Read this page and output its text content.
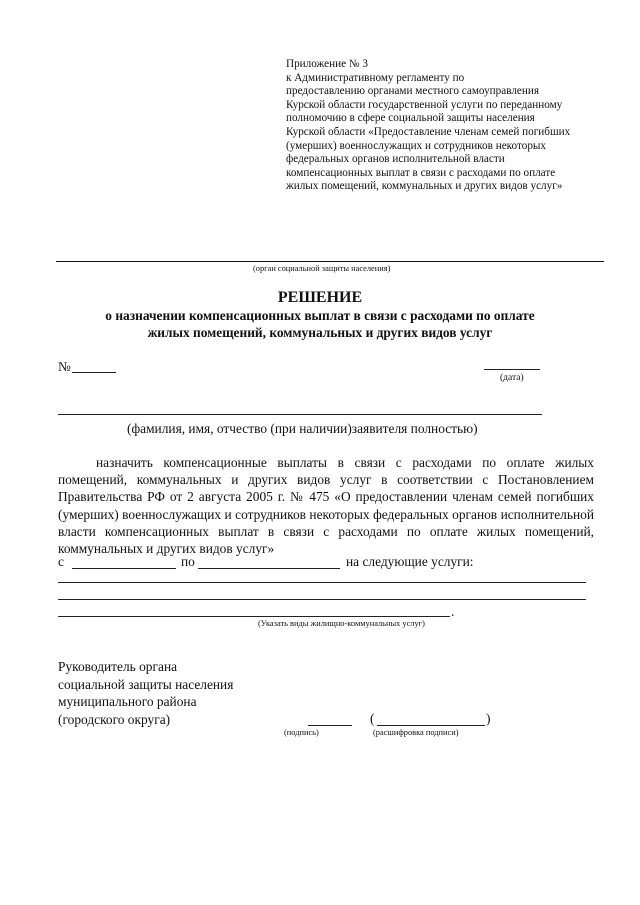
Приложение № 3
к Административному регламенту по
предоставлению органами местного самоуправления
Курской области государственной услуги по переданному
полномочию в сфере социальной защиты населения
Курской области «Предоставление членам семей погибших
(умерших) военнослужащих и сотрудников некоторых
федеральных органов исполнительной власти
компенсационных выплат в связи с расходами по оплате
жилых помещений, коммунальных и других видов услуг»
(орган социальной защиты населения)
РЕШЕНИЕ
о назначении компенсационных выплат в связи с расходами по оплате
жилых помещений, коммунальных и других видов услуг
№
(дата)
(фамилия, имя, отчество (при наличии)заявителя полностью)

назначить компенсационные выплаты в связи с расходами по оплате жилых помещений, коммунальных и других видов услуг в соответствии с Постановлением Правительства РФ от 2 августа 2005 г. № 475 «О предоставлении членам семей погибших (умерших) военнослужащих и сотрудников некоторых федеральных органов исполнительной власти компенсационных выплат в связи с расходами по оплате жилых помещений, коммунальных и других видов услуг»

с	по	на следующие услуги:
.
(Указать виды жилищно-коммунальных услуг)
Руководитель органа
социальной защиты населения
муниципального района
(городского округа)
(подпись)
(	)
(расшифровка подписи)
